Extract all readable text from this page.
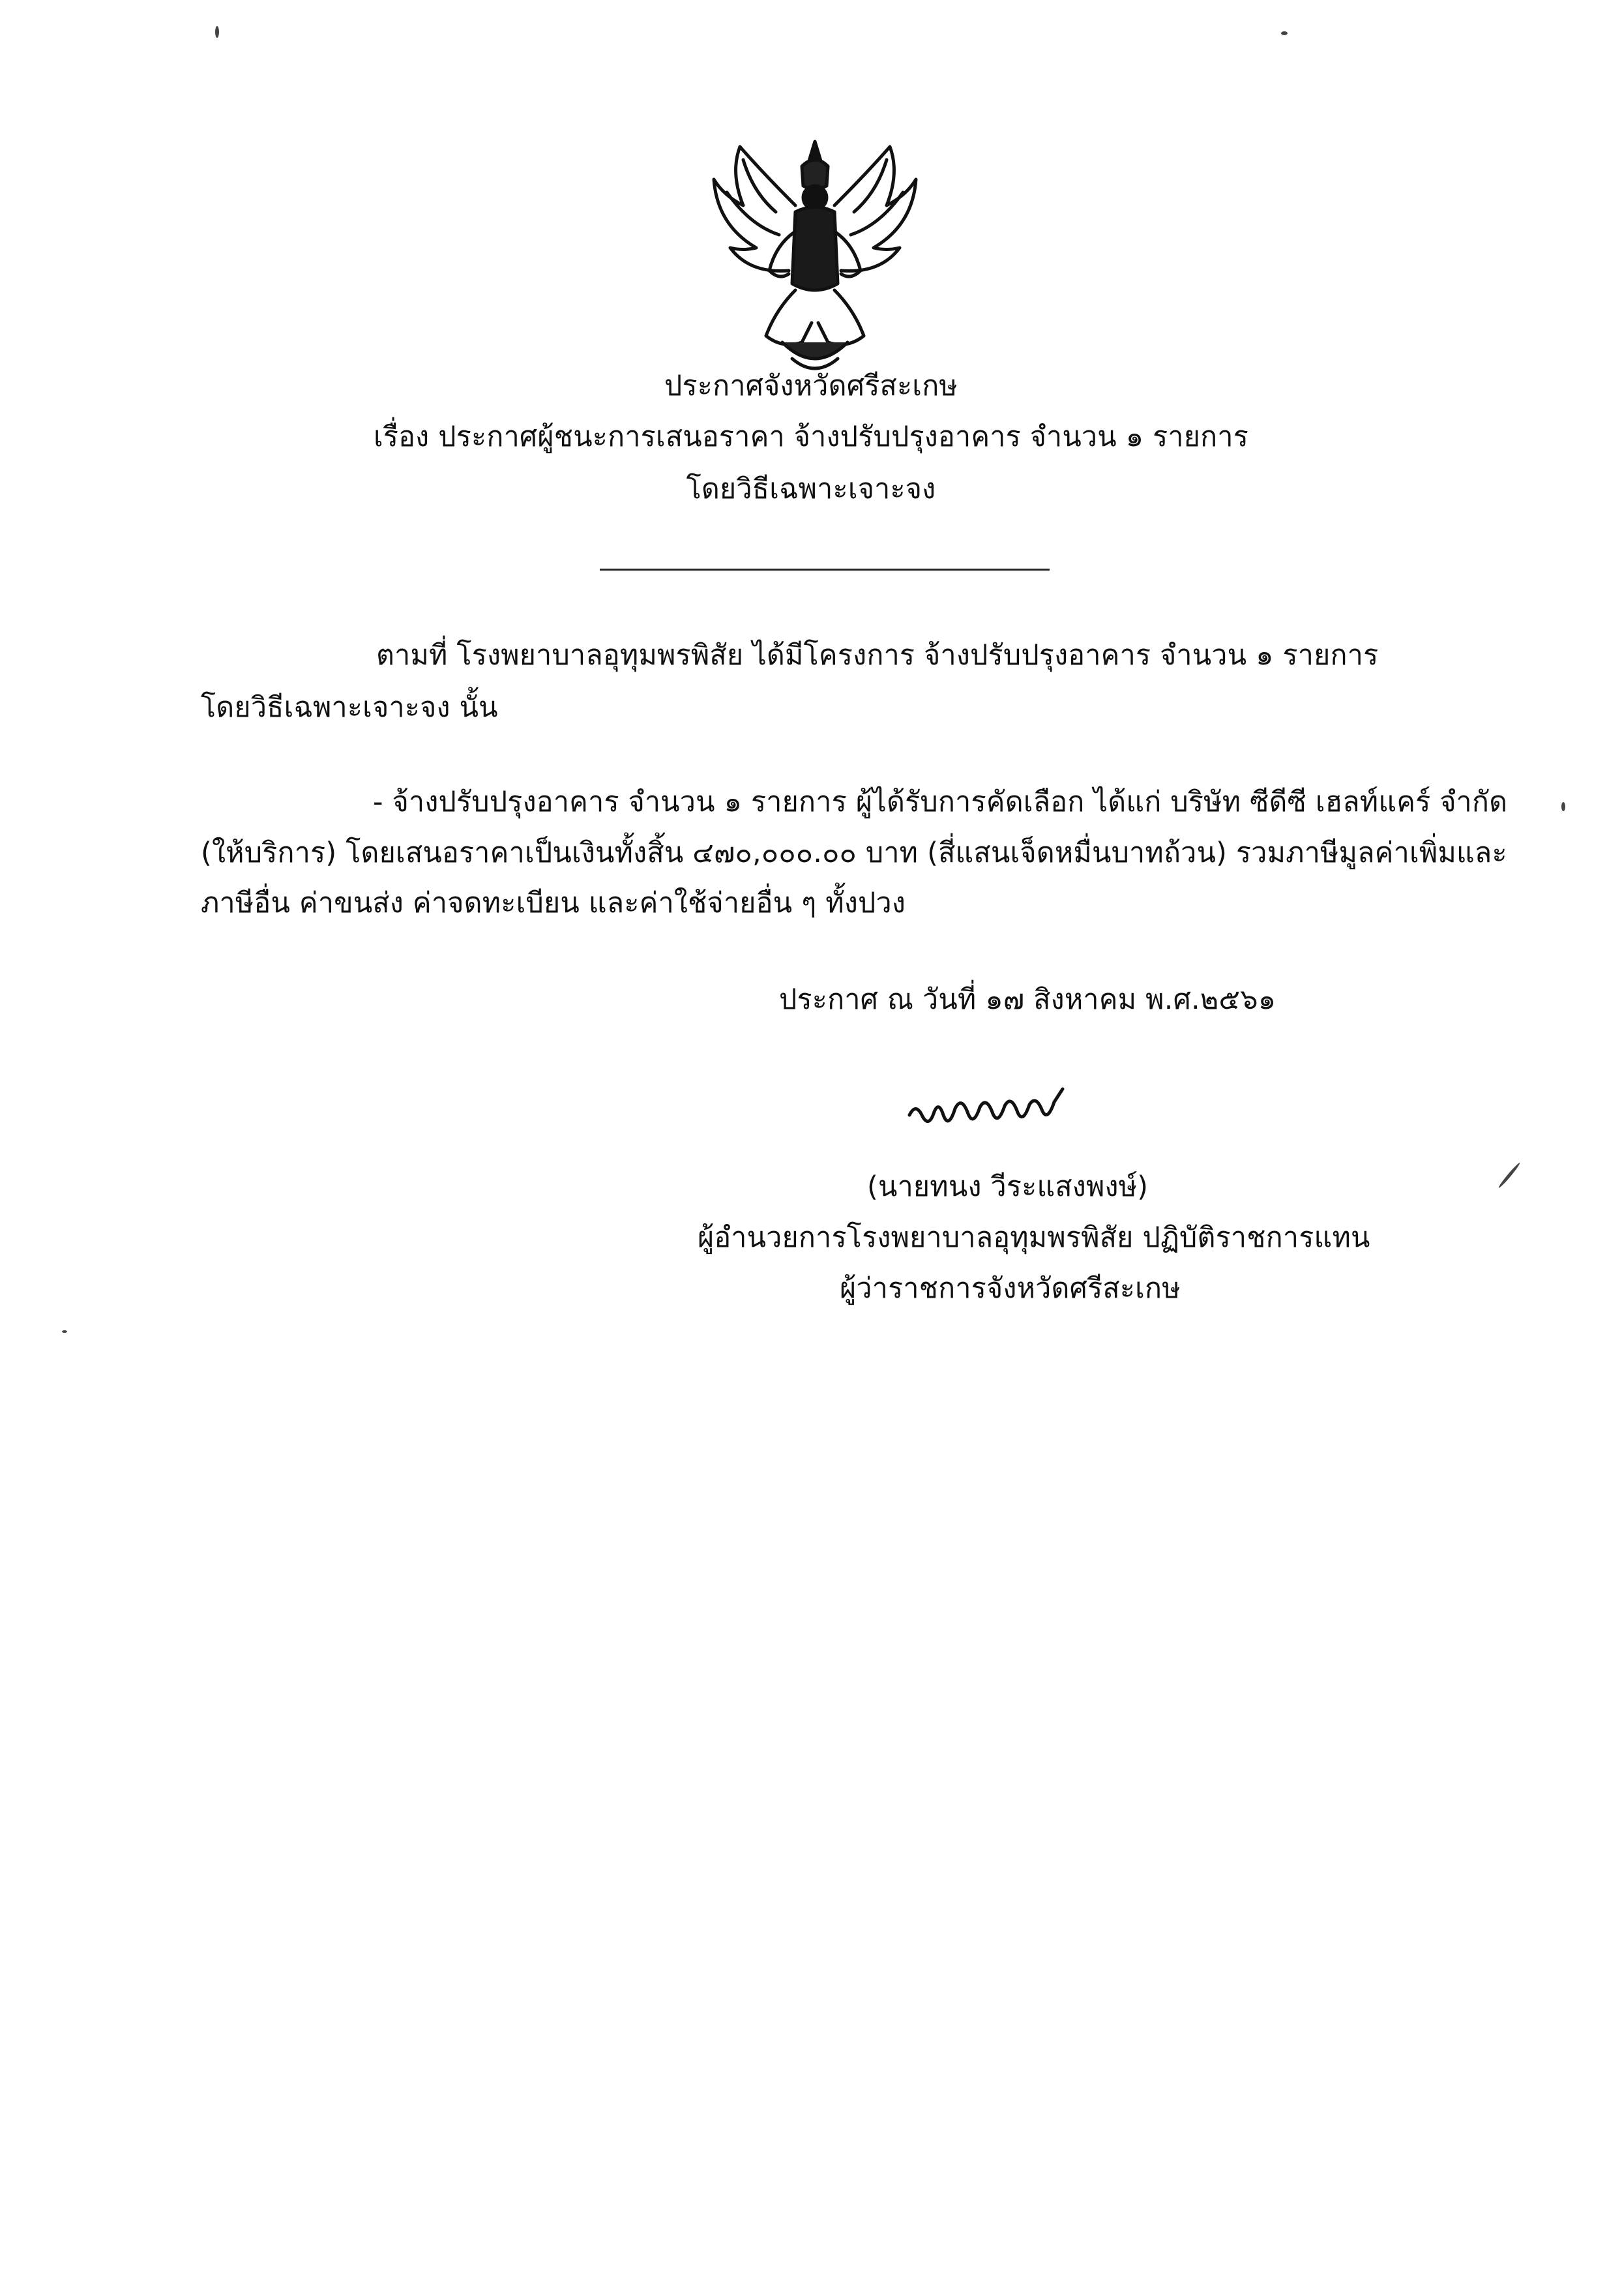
ประกาศจังหวัดศรีสะเกษ
เรื่อง ประกาศผู้ชนะการเสนอราคา จ้างปรับปรุงอาคาร จำนวน ๑ รายการ
โดยวิธีเฉพาะเจาะจง
ตามที่ โรงพยาบาลอุทุมพรพิสัย ได้มีโครงการ จ้างปรับปรุงอาคาร จำนวน ๑ รายการ
โดยวิธีเฉพาะเจาะจง นั้น
- จ้างปรับปรุงอาคาร จำนวน ๑ รายการ ผู้ได้รับการคัดเลือก ได้แก่ บริษัท ซีดีซี เฮลท์แคร์ จำกัด
(ให้บริการ) โดยเสนอราคาเป็นเงินทั้งสิ้น ๔๗๐,๐๐๐.๐๐ บาท (สี่แสนเจ็ดหมื่นบาทถ้วน) รวมภาษีมูลค่าเพิ่มและ
ภาษีอื่น ค่าขนส่ง ค่าจดทะเบียน และค่าใช้จ่ายอื่น ๆ ทั้งปวง
ประกาศ ณ วันที่ ๑๗ สิงหาคม พ.ศ.๒๕๖๑
(นายทนง วีระแสงพงษ์)
ผู้อำนวยการโรงพยาบาลอุทุมพรพิสัย ปฏิบัติราชการแทน
ผู้ว่าราชการจังหวัดศรีสะเกษ
